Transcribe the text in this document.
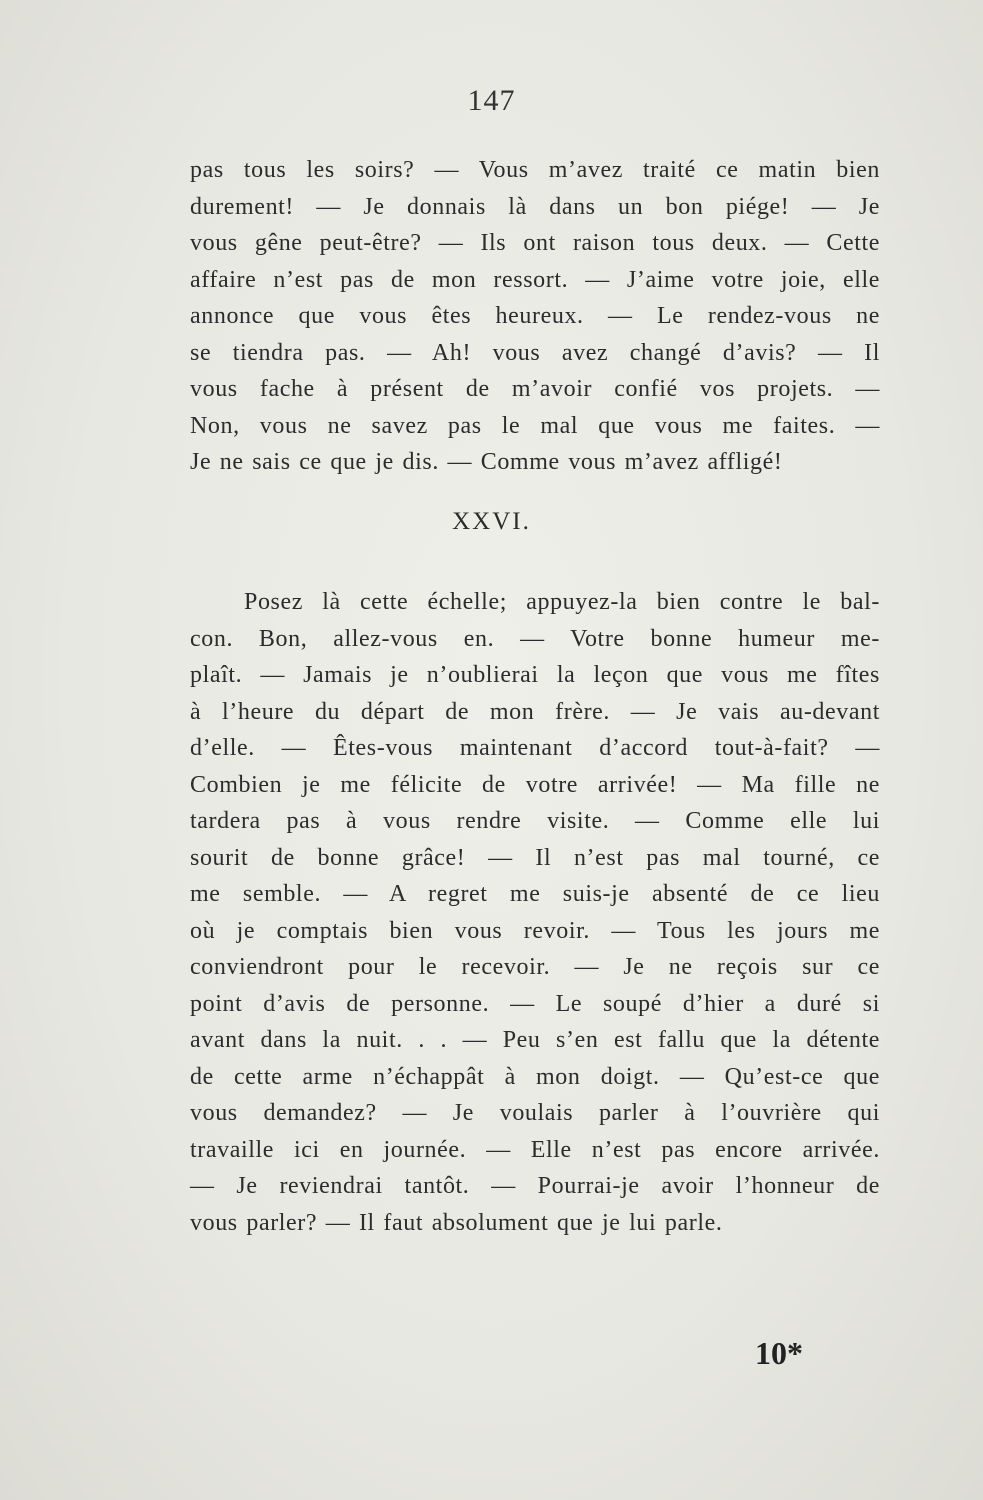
147
pas tous les soirs? — Vous m’avez traité ce matin bien
durement! — Je donnais là dans un bon piége! — Je
vous gêne peut-être? — Ils ont raison tous deux. — Cette
affaire n’est pas de mon ressort. — J’aime votre joie, elle
annonce que vous êtes heureux. — Le rendez-vous ne
se tiendra pas. — Ah! vous avez changé d’avis? — Il
vous fache à présent de m’avoir confié vos projets. —
Non, vous ne savez pas le mal que vous me faites. —
Je ne sais ce que je dis. — Comme vous m’avez affligé!
XXVI.
Posez là cette échelle; appuyez-la bien contre le bal-
con. Bon, allez-vous en. — Votre bonne humeur me-
plaît. — Jamais je n’oublierai la leçon que vous me fîtes
à l’heure du départ de mon frère. — Je vais au-devant
d’elle. — Êtes-vous maintenant d’accord tout-à-fait? —
Combien je me félicite de votre arrivée! — Ma fille ne
tardera pas à vous rendre visite. — Comme elle lui
sourit de bonne grâce! — Il n’est pas mal tourné, ce
me semble. — A regret me suis-je absenté de ce lieu
où je comptais bien vous revoir. — Tous les jours me
conviendront pour le recevoir. — Je ne reçois sur ce
point d’avis de personne. — Le soupé d’hier a duré si
avant dans la nuit. . . — Peu s’en est fallu que la détente
de cette arme n’échappât à mon doigt. — Qu’est-ce que
vous demandez? — Je voulais parler à l’ouvrière qui
travaille ici en journée. — Elle n’est pas encore arrivée.
— Je reviendrai tantôt. — Pourrai-je avoir l’honneur de
vous parler? — Il faut absolument que je lui parle.
10*
